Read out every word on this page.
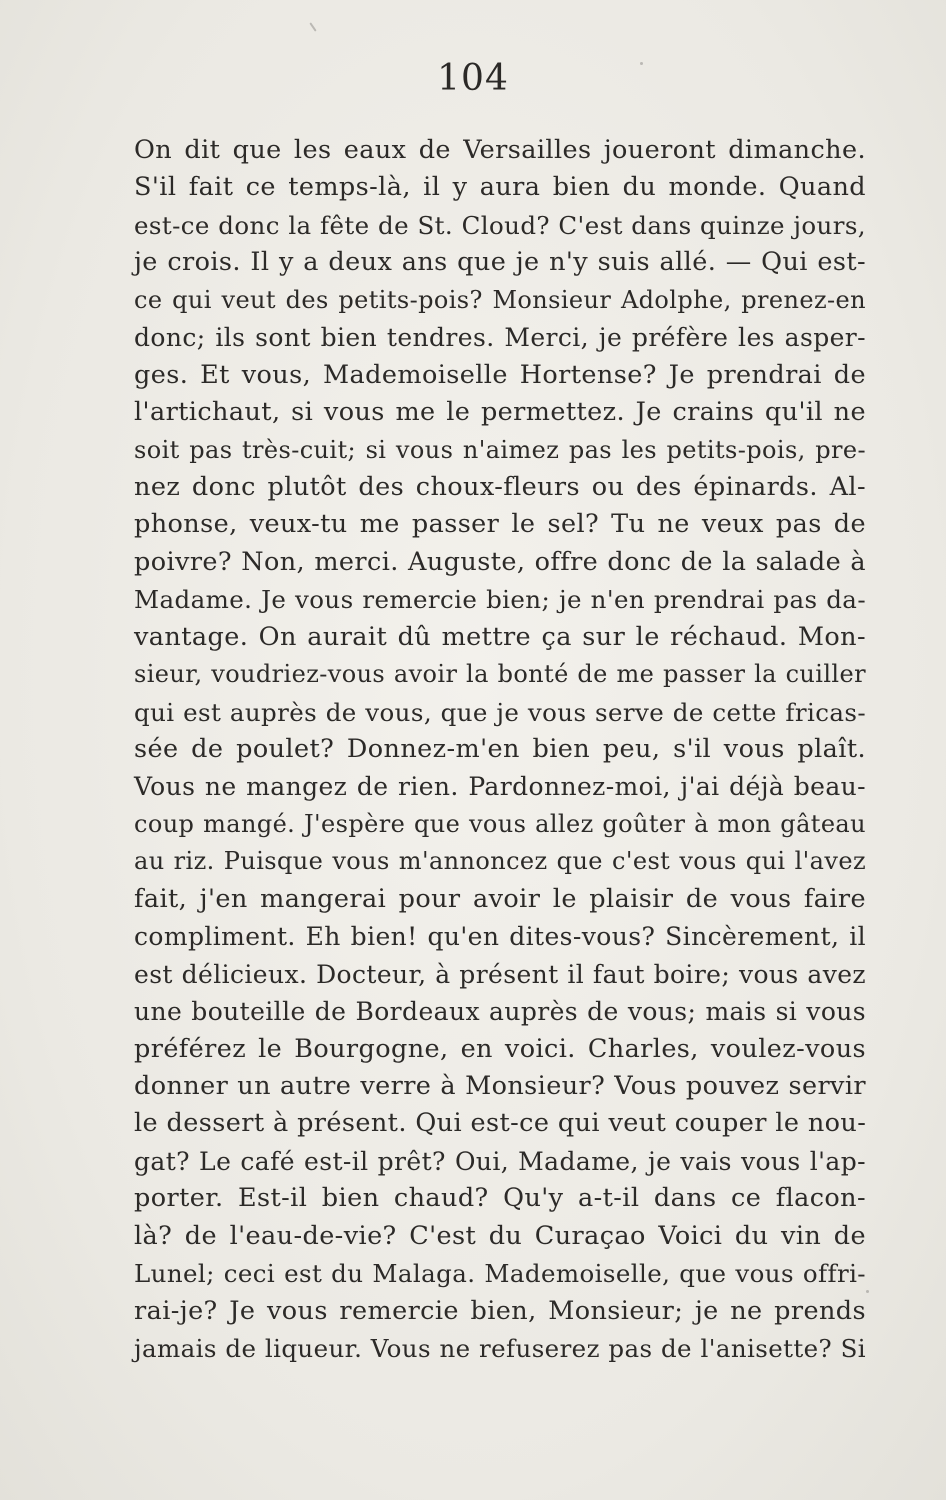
104
On dit que les eaux de Versailles joueront dimanche.
S'il fait ce temps-là, il y aura bien du monde. Quand
est-ce donc la fête de St. Cloud? C'est dans quinze jours,
je crois. Il y a deux ans que je n'y suis allé. — Qui est-
ce qui veut des petits-pois? Monsieur Adolphe, prenez-en
donc; ils sont bien tendres. Merci, je préfère les asper-
ges. Et vous, Mademoiselle Hortense? Je prendrai de
l'artichaut, si vous me le permettez. Je crains qu'il ne
soit pas très-cuit; si vous n'aimez pas les petits-pois, pre-
nez donc plutôt des choux-fleurs ou des épinards. Al-
phonse, veux-tu me passer le sel? Tu ne veux pas de
poivre? Non, merci. Auguste, offre donc de la salade à
Madame. Je vous remercie bien; je n'en prendrai pas da-
vantage. On aurait dû mettre ça sur le réchaud. Mon-
sieur, voudriez-vous avoir la bonté de me passer la cuiller
qui est auprès de vous, que je vous serve de cette fricas-
sée de poulet? Donnez-m'en bien peu, s'il vous plaît.
Vous ne mangez de rien. Pardonnez-moi, j'ai déjà beau-
coup mangé. J'espère que vous allez goûter à mon gâteau
au riz. Puisque vous m'annoncez que c'est vous qui l'avez
fait, j'en mangerai pour avoir le plaisir de vous faire
compliment. Eh bien! qu'en dites-vous? Sincèrement, il
est délicieux. Docteur, à présent il faut boire; vous avez
une bouteille de Bordeaux auprès de vous; mais si vous
préférez le Bourgogne, en voici. Charles, voulez-vous
donner un autre verre à Monsieur? Vous pouvez servir
le dessert à présent. Qui est-ce qui veut couper le nou-
gat? Le café est-il prêt? Oui, Madame, je vais vous l'ap-
porter. Est-il bien chaud? Qu'y a-t-il dans ce flacon-
là? de l'eau-de-vie? C'est du Curaçao Voici du vin de
Lunel; ceci est du Malaga. Mademoiselle, que vous offri-
rai-je? Je vous remercie bien, Monsieur; je ne prends
jamais de liqueur. Vous ne refuserez pas de l'anisette? Si
